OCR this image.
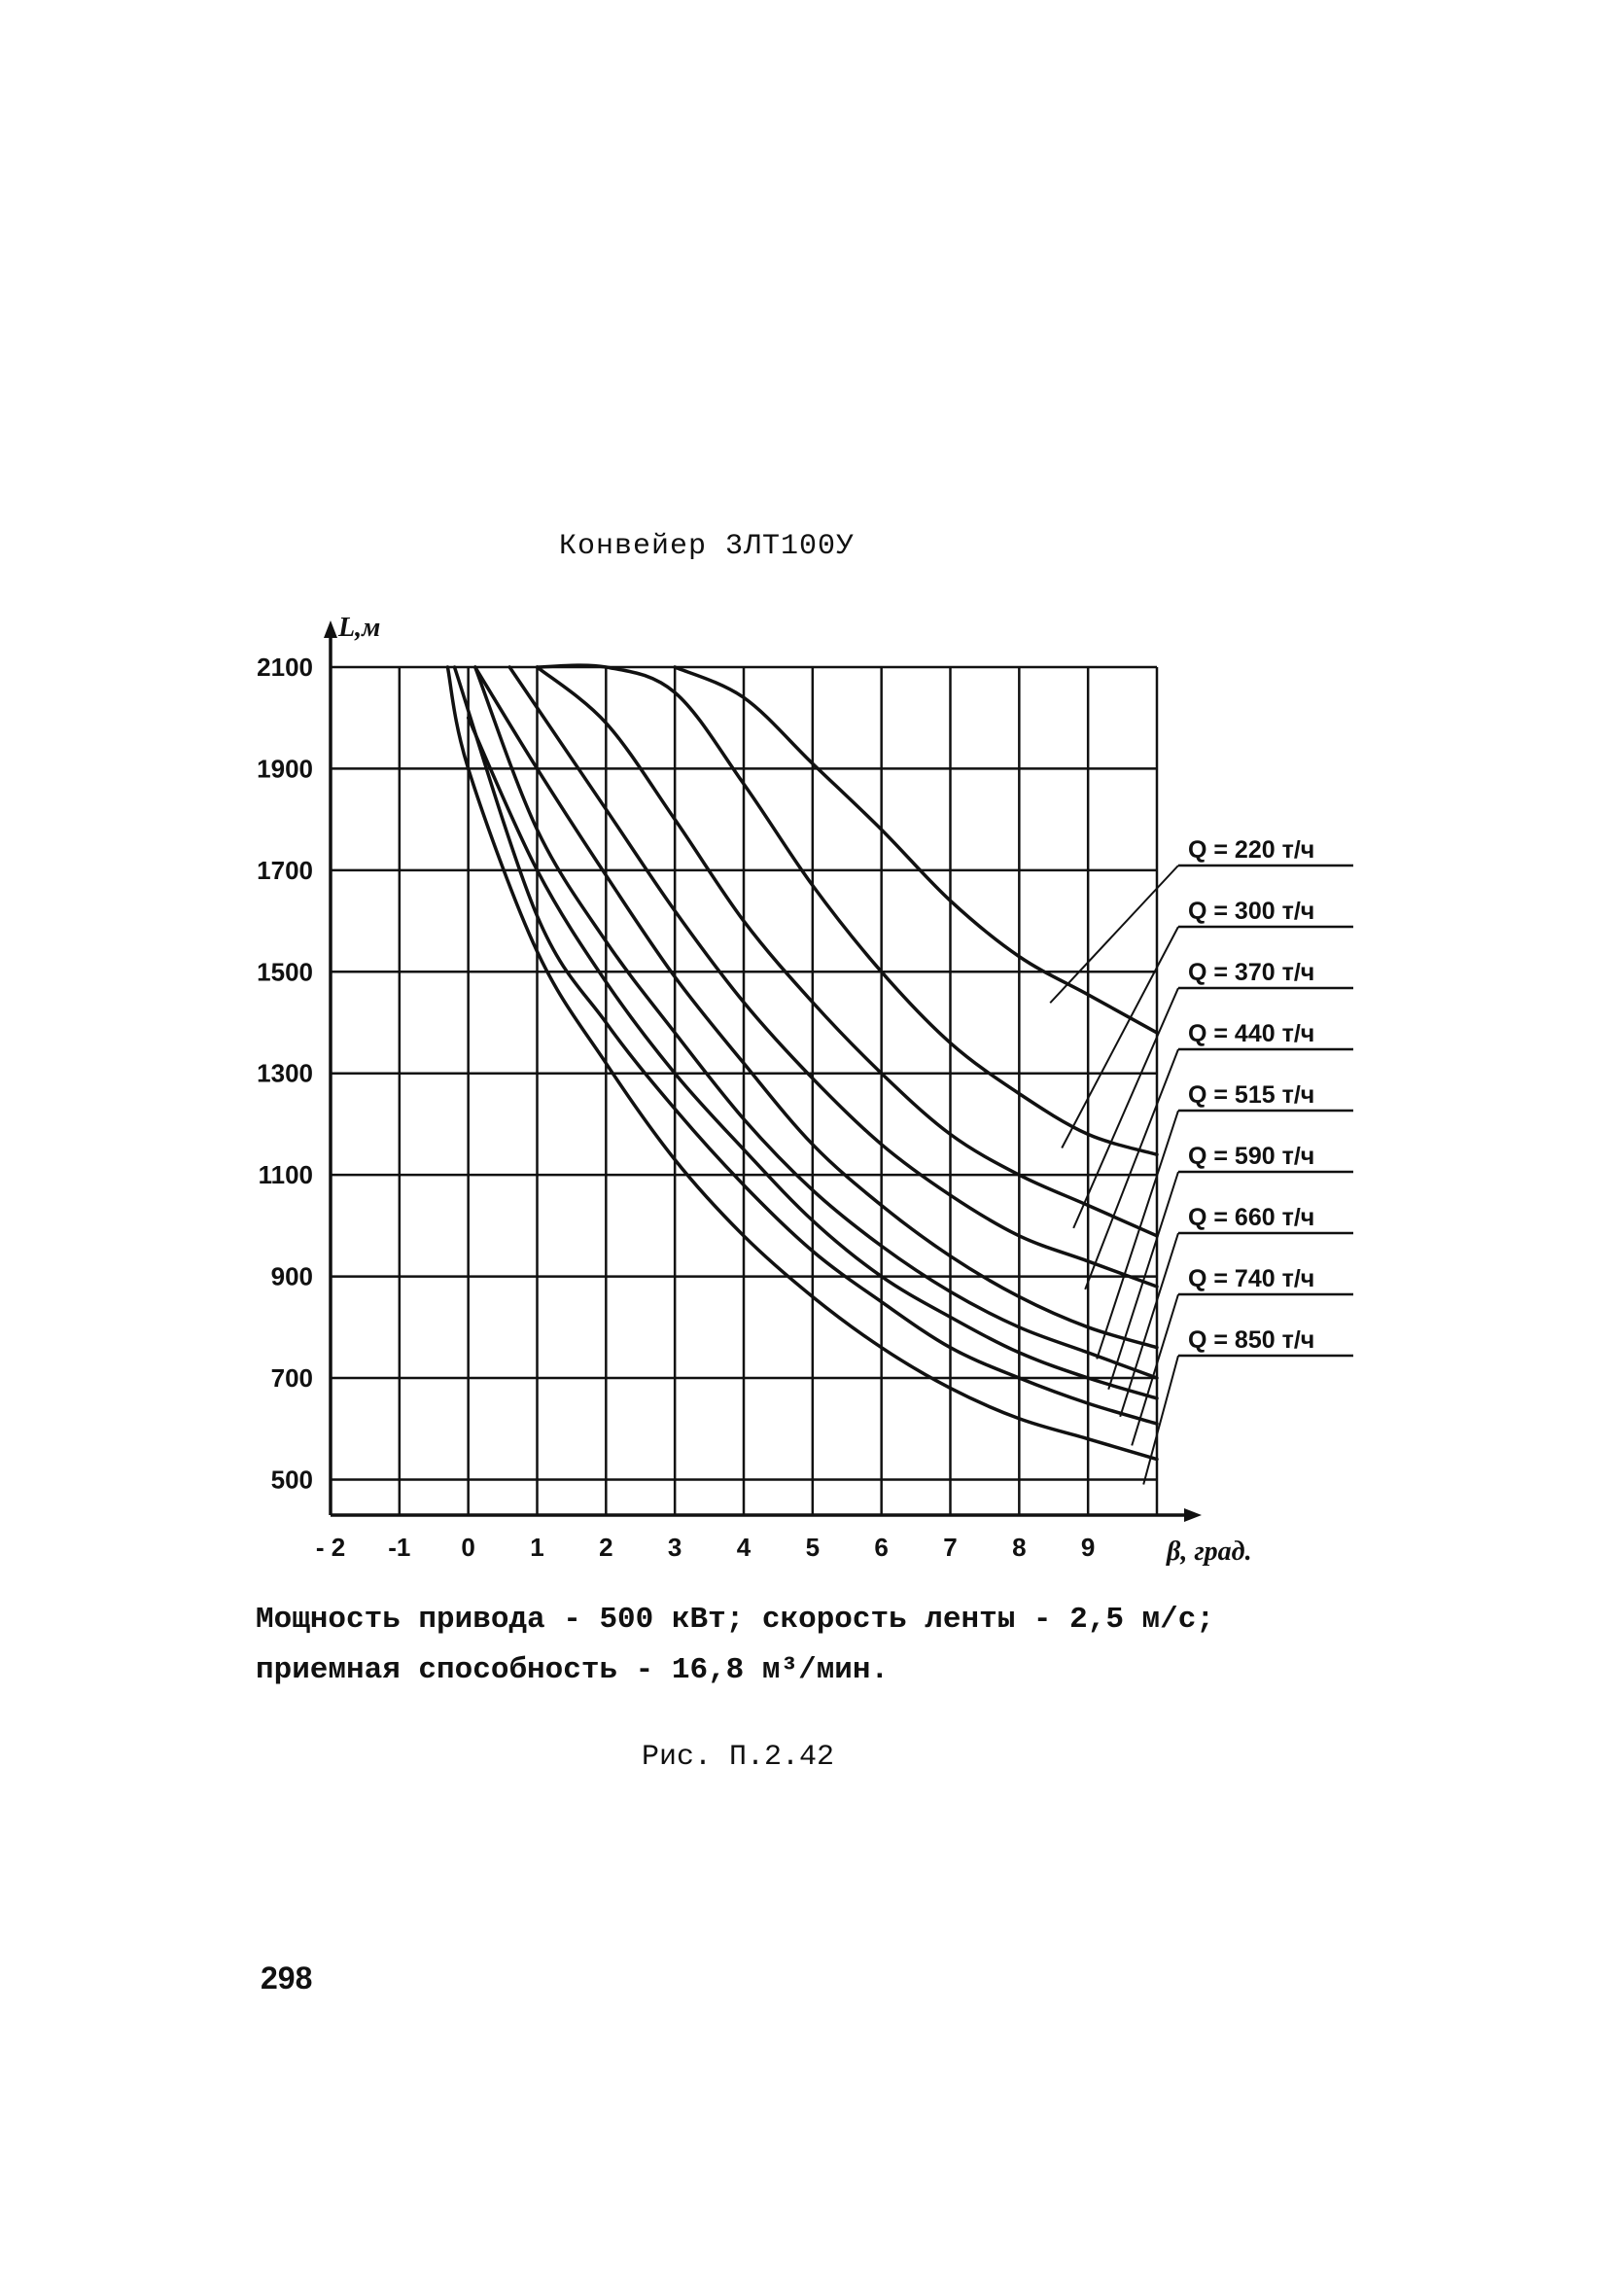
Конвейер 3ЛТ100У
Q = 220 т/ч
Q = 300 т/ч
Q = 370 т/ч
Q = 440 т/ч
Q = 515 т/ч
Q = 590 т/ч
Q = 660 т/ч
Q = 740 т/ч
Q = 850 т/ч
- 2 -1 0 1 2 3 4 5 6 7 8 9
500
700
900
1100
1300
1500
1700
1900
2100
β, град.
L,м
Мощность привода - 500 кВт; скорость ленты - 2,5 м/с;
приемная способность - 16,8 м³/мин.
Рис. П.2.42
298
